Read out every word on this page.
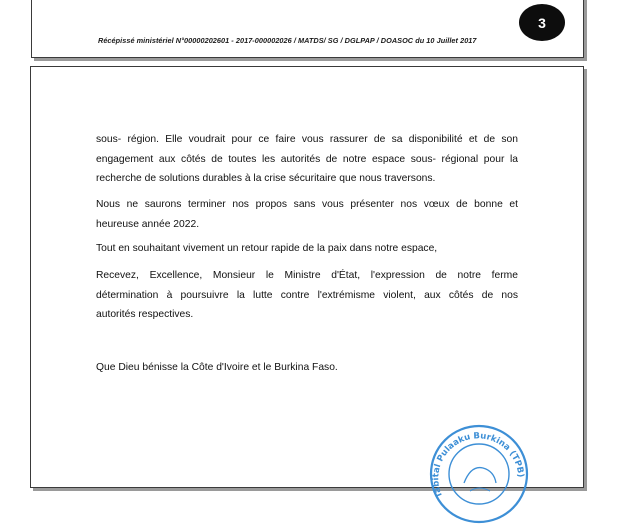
Récépissé ministériel N°00000202601 - 2017-000002026 / MATDS/ SG / DGLPAP / DOASOC du 10 Juillet 2017
3

sous- région. Elle voudrait pour ce faire vous rassurer de sa disponibilité et de son
engagement aux côtés de toutes les autorités de notre espace sous- régional pour la
recherche de solutions durables à la crise sécuritaire que nous traversons.

Nous ne saurons terminer nos propos sans vous présenter nos vœux de bonne et
heureuse année 2022.

Tout en souhaitant vivement un retour rapide de la paix dans notre espace,

Recevez, Excellence, Monsieur le Ministre d'État, l'expression de notre ferme
détermination à poursuivre la lutte contre l'extrémisme violent, aux côtés de nos
autorités respectives.

Que Dieu bénisse la Côte d'Ivoire et le Burkina Faso.

Tabital Pulaaku Burkina (TPB)
